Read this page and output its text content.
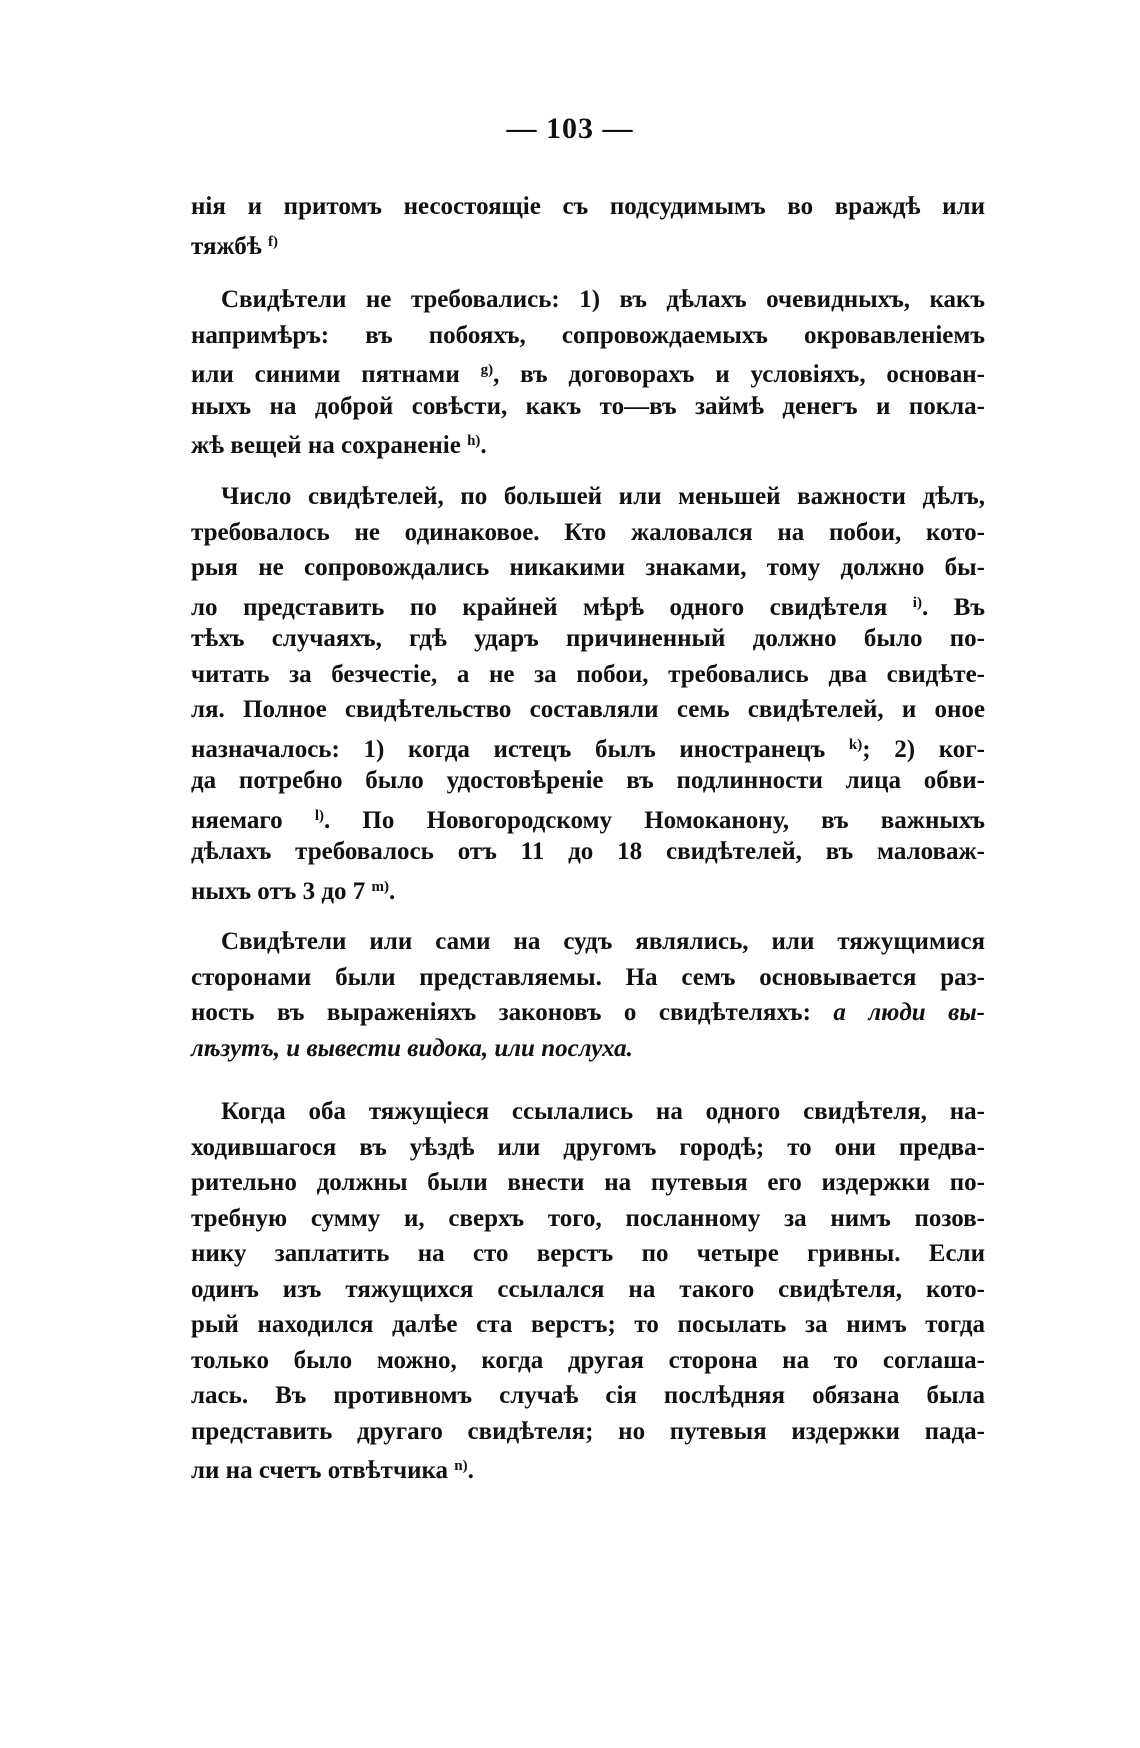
— 103 —
нія и притомъ несостоящіе съ подсудимымъ во враждѣ или
тяжбѣ $^{f)}$
Свидѣтели не требовались: 1) въ дѣлахъ очевидныхъ, какъ
напримѣръ: въ побояхъ, сопровождаемыхъ окровавленіемъ
или синими пятнами $^{g)}$, въ договорахъ и условіяхъ, основан-
ныхъ на доброй совѣсти, какъ то—въ займѣ денегъ и покла-
жѣ вещей на сохраненіе $^{h)}$.
Число свидѣтелей, по большей или меньшей важности дѣлъ,
требовалось не одинаковое. Кто жаловался на побои, кото-
рыя не сопровождались никакими знаками, тому должно бы-
ло представить по крайней мѣрѣ одного свидѣтеля $^{i)}$. Въ
тѣхъ случаяхъ, гдѣ ударъ причиненный должно было по-
читать за безчестіе, а не за побои, требовались два свидѣте-
ля. Полное свидѣтельство составляли семь свидѣтелей, и оное
назначалось: 1) когда истецъ былъ иностранецъ $^{k)}$; 2) ког-
да потребно было удостовѣреніе въ подлинности лица обви-
няемаго $^{l)}$. По Новогородскому Номоканону, въ важныхъ
дѣлахъ требовалось отъ 11 до 18 свидѣтелей, въ маловаж-
ныхъ отъ 3 до 7 $^{m)}$.
Свидѣтели или сами на судъ являлись, или тяжущимися
сторонами были представляемы. На семъ основывается раз-
ность въ выраженіяхъ законовъ о свидѣтеляхъ: а люди вы-
лѣзутъ, и вывести видока, или послуха.
Когда оба тяжущіеся ссылались на одного свидѣтеля, на-
ходившагося въ уѣздѣ или другомъ городѣ; то они предва-
рительно должны были внести на путевыя его издержки по-
требную сумму и, сверхъ того, посланному за нимъ позов-
нику заплатить на сто верстъ по четыре гривны. Если
одинъ изъ тяжущихся ссылался на такого свидѣтеля, кото-
рый находился далѣе ста верстъ; то посылать за нимъ тогда
только было можно, когда другая сторона на то соглаша-
лась. Въ противномъ случаѣ сія послѣдняя обязана была
представить другаго свидѣтеля; но путевыя издержки пада-
ли на счетъ отвѣтчика $^{n)}$.
